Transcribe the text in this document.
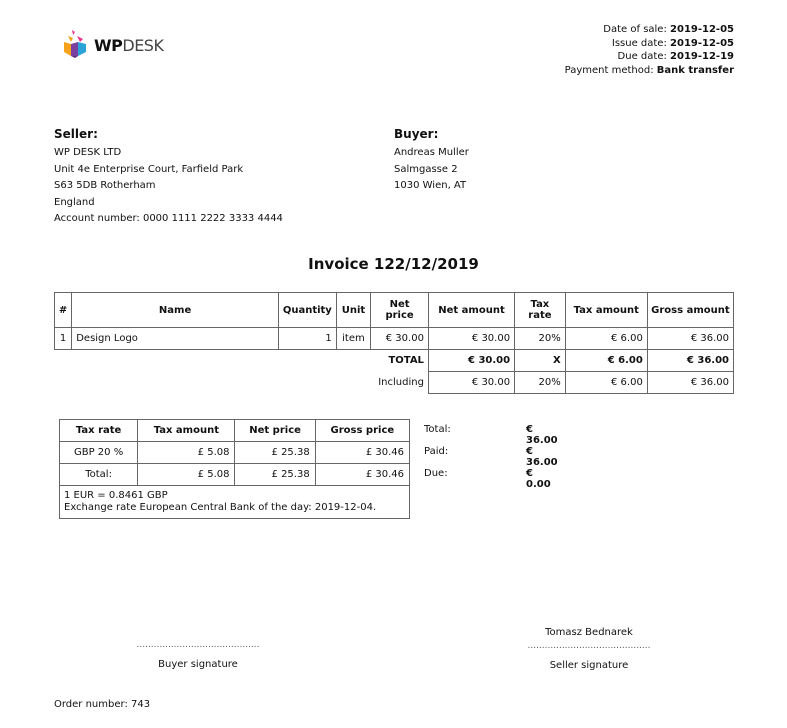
WPDESK
Date of sale: 2019-12-05
Issue date: 2019-12-05
Due date: 2019-12-19
Payment method: Bank transfer
Seller:
WP DESK LTD
Unit 4e Enterprise Court, Farfield Park
S63 5DB Rotherham
England
Account number: 0000 1111 2222 3333 4444
Buyer:
Andreas Muller
Salmgasse 2
1030 Wien, AT
Invoice 122/12/2019
#	Name	Quantity	Unit	Net price	Net amount	Tax rate	Tax amount	Gross amount
1	Design Logo	1	item	€ 30.00	€ 30.00	20%	€ 6.00	€ 36.00
				TOTAL	€ 30.00	X	€ 6.00	€ 36.00
				Including	€ 30.00	20%	€ 6.00	€ 36.00
Tax rate	Tax amount	Net price	Gross price
GBP 20 %	£ 5.08	£ 25.38	£ 30.46
Total:	£ 5.08	£ 25.38	£ 30.46

1 EUR = 0.8461 GBP
Exchange rate European Central Bank of the day: 2019-12-04.			
Total:	€ 36.00
Paid:	€ 36.00
Due:	€ 0.00
...........................................
Buyer signature
Tomasz Bednarek
...........................................
Seller signature
Order number: 743
